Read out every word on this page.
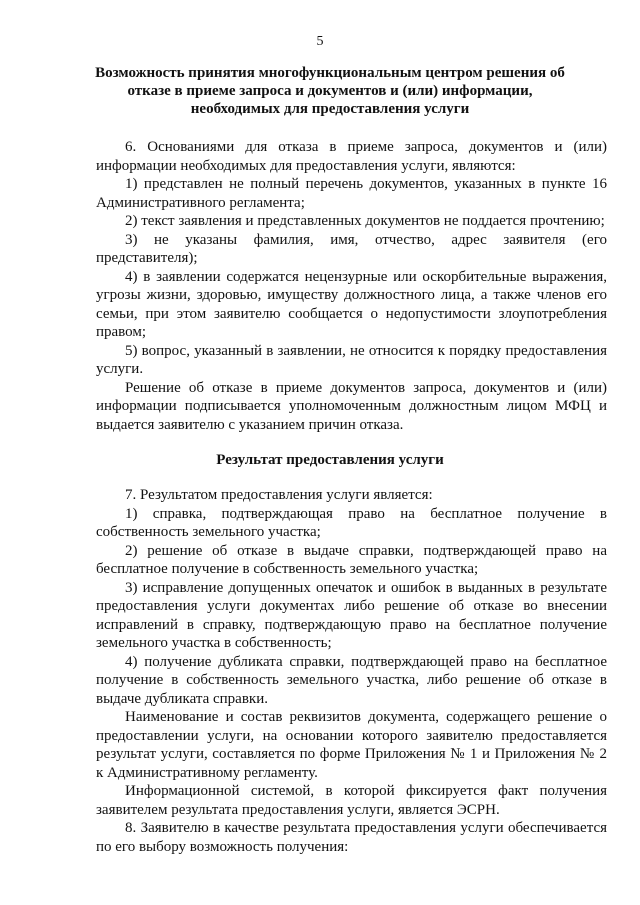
5
Возможность принятия многофункциональным центром решения об отказе в приеме запроса и документов и (или) информации, необходимых для предоставления услуги

6. Основаниями для отказа в приеме запроса, документов и (или) информации необходимых для предоставления услуги, являются:

1) представлен не полный перечень документов, указанных в пункте 16 Административного регламента;

2) текст заявления и представленных документов не поддается прочтению;

3) не указаны фамилия, имя, отчество, адрес заявителя (его представителя);

4) в заявлении содержатся нецензурные или оскорбительные выражения, угрозы жизни, здоровью, имуществу должностного лица, а также членов его семьи, при этом заявителю сообщается о недопустимости злоупотребления правом;

5) вопрос, указанный в заявлении, не относится к порядку предоставления услуги.

Решение об отказе в приеме документов запроса, документов и (или) информации подписывается уполномоченным должностным лицом МФЦ и выдается заявителю с указанием причин отказа.

Результат предоставления услуги

7. Результатом предоставления услуги является:

1) справка, подтверждающая право на бесплатное получение в собственность земельного участка;

2) решение об отказе в выдаче справки, подтверждающей право на бесплатное получение в собственность земельного участка;

3) исправление допущенных опечаток и ошибок в выданных в результате предоставления услуги документах либо решение об отказе во внесении исправлений в справку, подтверждающую право на бесплатное получение земельного участка в собственность;

4) получение дубликата справки, подтверждающей право на бесплатное получение в собственность земельного участка, либо решение об отказе в выдаче дубликата справки.

Наименование и состав реквизитов документа, содержащего решение о предоставлении услуги, на основании которого заявителю предоставляется результат услуги, составляется по форме Приложения № 1 и Приложения № 2 к Административному регламенту.

Информационной системой, в которой фиксируется факт получения заявителем результата предоставления услуги, является ЭСРН.

8. Заявителю в качестве результата предоставления услуги обеспечивается по его выбору возможность получения:
